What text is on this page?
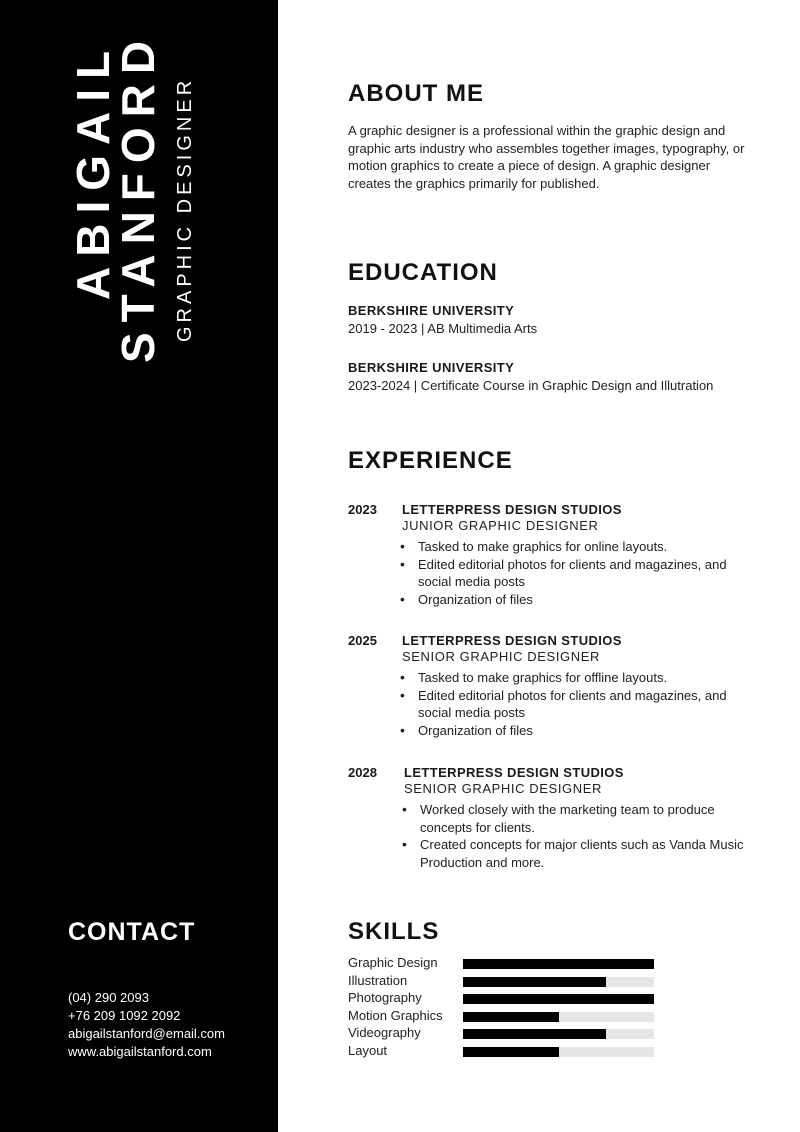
ABIGAIL
STANFORD GRAPHIC DESIGNER
CONTACT
(04) 290 2093
+76 209 1092 2092
abigailstanford@email.com
www.abigailstanford.com
ABOUT ME
A graphic designer is a professional within the graphic design and graphic arts industry who assembles together images, typography, or motion graphics to create a piece of design. A graphic designer creates the graphics primarily for published.
EDUCATION
BERKSHIRE UNIVERSITY
2019 - 2023 | AB Multimedia Arts
BERKSHIRE UNIVERSITY
2023-2024 | Certificate Course in Graphic Design and Illutration
EXPERIENCE
2023 LETTERPRESS DESIGN STUDIOS
JUNIOR GRAPHIC DESIGNER
• Tasked to make graphics for online layouts.
• Edited editorial photos for clients and magazines, and social media posts
• Organization of files
2025 LETTERPRESS DESIGN STUDIOS
SENIOR GRAPHIC DESIGNER
• Tasked to make graphics for offline layouts.
• Edited editorial photos for clients and magazines, and social media posts
• Organization of files
2028 LETTERPRESS DESIGN STUDIOS
SENIOR GRAPHIC DESIGNER
• Worked closely with the marketing team to produce concepts for clients.
• Created concepts for major clients such as Vanda Music Production and more.
SKILLS
Graphic Design
Illustration
Photography
Motion Graphics
Videography
Layout
